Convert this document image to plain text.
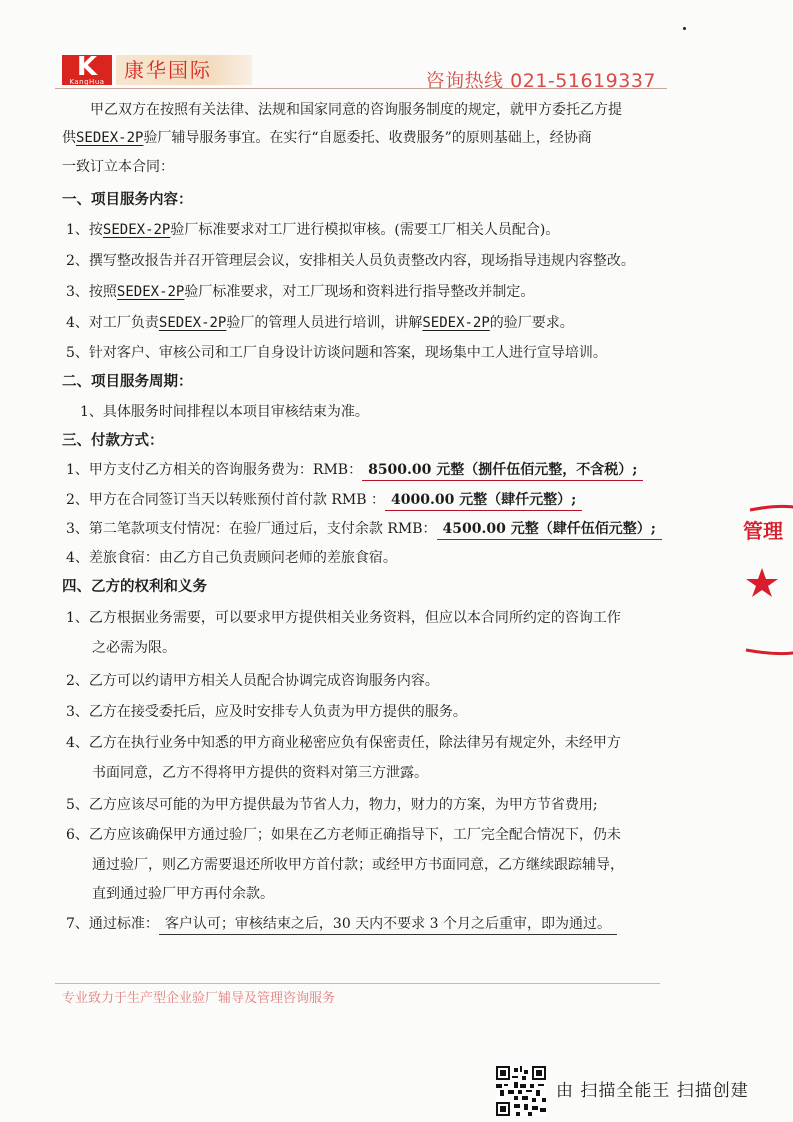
K
KangHua 康华国际	咨询热线 021-51619337
甲乙双方在按照有关法律、法规和国家同意的咨询服务制度的规定，就甲方委托乙方提
供SEDEX-2P验厂辅导服务事宜。在实行“自愿委托、收费服务”的原则基础上，经协商
一致订立本合同：
一、项目服务内容：
1、按SEDEX-2P验厂标准要求对工厂进行模拟审核。(需要工厂相关人员配合)。
2、撰写整改报告并召开管理层会议，安排相关人员负责整改内容，现场指导违规内容整改。
3、按照SEDEX-2P验厂标准要求，对工厂现场和资料进行指导整改并制定。
4、对工厂负责SEDEX-2P验厂的管理人员进行培训，讲解SEDEX-2P的验厂要求。
5、针对客户、审核公司和工厂自身设计访谈问题和答案，现场集中工人进行宣导培训。
二、项目服务周期：
1、具体服务时间排程以本项目审核结束为准。
三、付款方式：
1、甲方支付乙方相关的咨询服务费为：RMB： 8500.00 元整（捌仟伍佰元整，不含税）;
2、甲方在合同签订当天以转账预付首付款 RMB ： 4000.00 元整（肆仟元整）;
3、第二笔款项支付情况：在验厂通过后，支付余款 RMB： 4500.00 元整（肆仟伍佰元整）;
4、差旅食宿：由乙方自己负责顾问老师的差旅食宿。
四、乙方的权利和义务
1、乙方根据业务需要，可以要求甲方提供相关业务资料，但应以本合同所约定的咨询工作
之必需为限。
2、乙方可以约请甲方相关人员配合协调完成咨询服务内容。
3、乙方在接受委托后，应及时安排专人负责为甲方提供的服务。
4、乙方在执行业务中知悉的甲方商业秘密应负有保密责任，除法律另有规定外，未经甲方
书面同意，乙方不得将甲方提供的资料对第三方泄露。
5、乙方应该尽可能的为甲方提供最为节省人力，物力，财力的方案，为甲方节省费用;
6、乙方应该确保甲方通过验厂；如果在乙方老师正确指导下，工厂完全配合情况下，仍未
通过验厂，则乙方需要退还所收甲方首付款；或经甲方书面同意，乙方继续跟踪辅导，
直到通过验厂甲方再付余款。
7、通过标准： 客户认可；审核结束之后，30 天内不要求 3 个月之后重审，即为通过。
管理
专业致力于生产型企业验厂辅导及管理咨询服务
由 扫描全能王 扫描创建
